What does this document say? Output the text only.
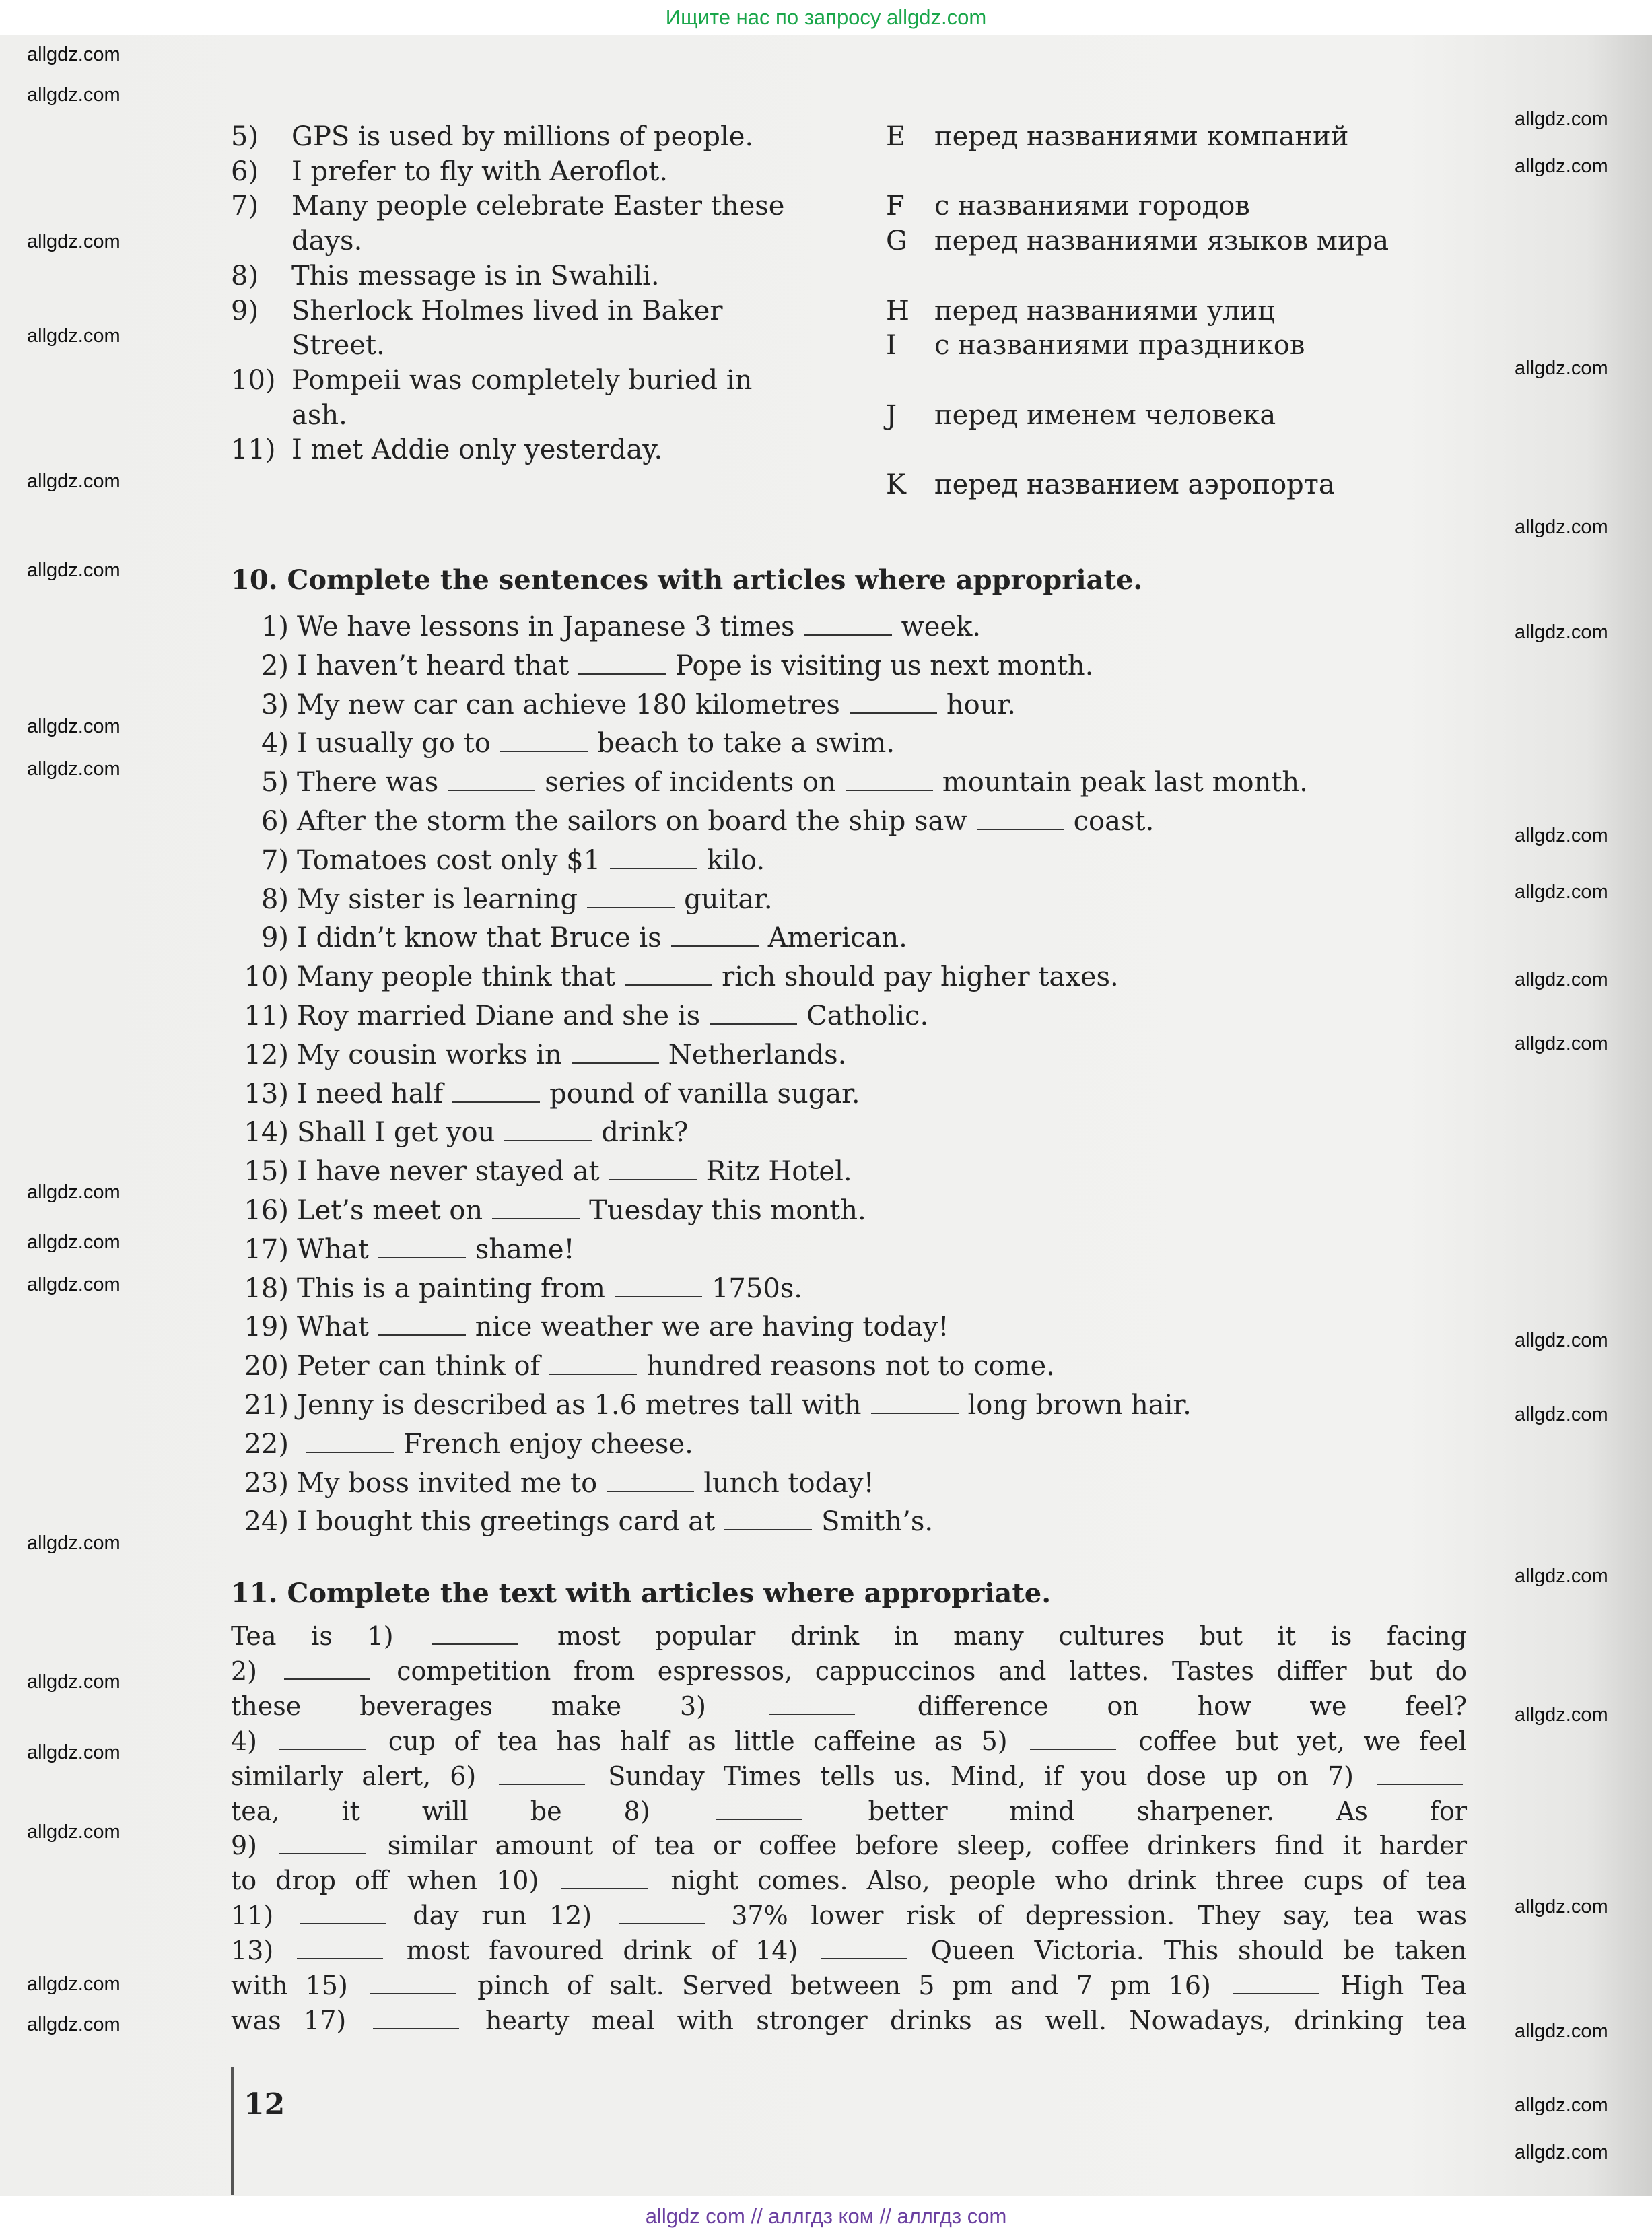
Ищите нас по запросу allgdz.com
5) GPS is used by millions of people.
6) I prefer to fly with Aeroflot.
7) Many people celebrate Easter these
days.
8) This message is in Swahili.
9) Sherlock Holmes lived in Baker
Street.
10) Pompeii was completely buried in
ash.
11) I met Addie only yesterday.
E перед названиями компаний
F с названиями городов
G перед названиями языков мира
H перед названиями улиц
I с названиями праздников
J перед именем человека
K перед названием аэропорта
10. Complete the sentences with articles where appropriate.
1) We have lessons in Japanese 3 times	week.
2) I haven’t heard that	Pope is visiting us next month.
3) My new car can achieve 180 kilometres	hour.
4) I usually go to	beach to take a swim.
5) There was	series of incidents on	mountain peak last month.
6) After the storm the sailors on board the ship saw	coast.
7) Tomatoes cost only $1	kilo.
8) My sister is learning	guitar.
9) I didn’t know that Bruce is	American.
10) Many people think that	rich should pay higher taxes.
11) Roy married Diane and she is	Catholic.
12) My cousin works in	Netherlands.
13) I need half	pound of vanilla sugar.
14) Shall I get you	drink?
15) I have never stayed at	Ritz Hotel.
16) Let’s meet on	Tuesday this month.
17) What	shame!
18) This is a painting from	1750s.
19) What	nice weather we are having today!
20) Peter can think of	hundred reasons not to come.
21) Jenny is described as 1.6 metres tall with	long brown hair.
22)	French enjoy cheese.
23) My boss invited me to	lunch today!
24) I bought this greetings card at	Smith’s.
11. Complete the text with articles where appropriate.
Tea is 1)	most popular drink in many cultures but it is facing
2)	competition from espressos, cappuccinos and lattes. Tastes differ but do
these beverages make 3)	difference on how we feel?
4)	cup of tea has half as little caffeine as 5)	coffee but yet, we feel
similarly alert, 6)	Sunday Times tells us. Mind, if you dose up on 7)
tea, it will be 8)	better mind sharpener. As for
9)	similar amount of tea or coffee before sleep, coffee drinkers find it harder
to drop off when 10)	night comes. Also, people who drink three cups of tea
11)	day run 12)	37% lower risk of depression. They say, tea was
13)	most favoured drink of 14)	Queen Victoria. This should be taken
with 15)	pinch of salt. Served between 5 pm and 7 pm 16)	High Tea
was 17)	hearty meal with stronger drinks as well. Nowadays, drinking tea
12
allgdz.com
allgdz.com
allgdz.com
allgdz.com
allgdz.com
allgdz.com
allgdz.com
allgdz.com
allgdz.com
allgdz.com
allgdz.com
allgdz.com
allgdz.com
allgdz.com
allgdz.com
allgdz.com
allgdz.com
allgdz.com
allgdz.com
allgdz.com
allgdz.com
allgdz.com
allgdz.com
allgdz.com
allgdz.com
allgdz.com
allgdz.com
allgdz.com
allgdz.com
allgdz.com
allgdz.com
allgdz.com
allgdz.com
allgdz.com
allgdz com // аллгдз ком // аллгдз com
